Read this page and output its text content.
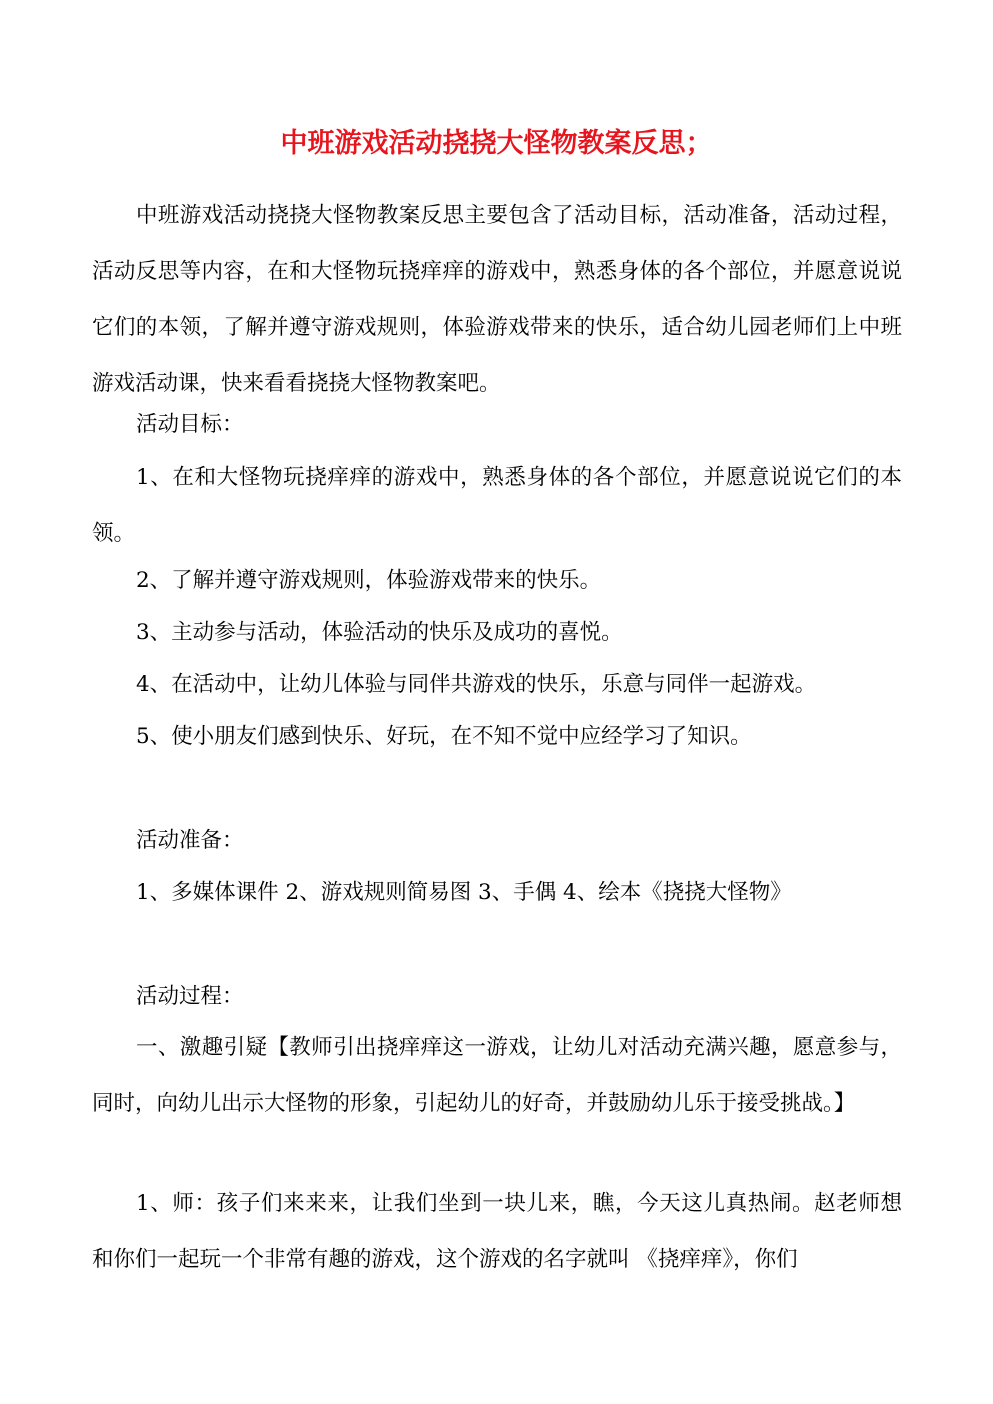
中班游戏活动挠挠大怪物教案反思；

中班游戏活动挠挠大怪物教案反思主要包含了活动目标，活动准备，活动过程，活动反思等内容，在和大怪物玩挠痒痒的游戏中，熟悉身体的各个部位，并愿意说说它们的本领，了解并遵守游戏规则，体验游戏带来的快乐，适合幼儿园老师们上中班游戏活动课，快来看看挠挠大怪物教案吧。

活动目标：

1、在和大怪物玩挠痒痒的游戏中，熟悉身体的各个部位，并愿意说说它们的本领。

2、了解并遵守游戏规则，体验游戏带来的快乐。

3、主动参与活动，体验活动的快乐及成功的喜悦。

4、在活动中，让幼儿体验与同伴共游戏的快乐，乐意与同伴一起游戏。

5、使小朋友们感到快乐、好玩，在不知不觉中应经学习了知识。

活动准备：

1、多媒体课件 2、游戏规则简易图 3、手偶 4、绘本《挠挠大怪物》

活动过程：

一、激趣引疑【教师引出挠痒痒这一游戏，让幼儿对活动充满兴趣，愿意参与，同时，向幼儿出示大怪物的形象，引起幼儿的好奇，并鼓励幼儿乐于接受挑战。】

1、师：孩子们来来来，让我们坐到一块儿来，瞧，今天这儿真热闹。赵老师想和你们一起玩一个非常有趣的游戏，这个游戏的名字就叫 《挠痒痒》，你们
